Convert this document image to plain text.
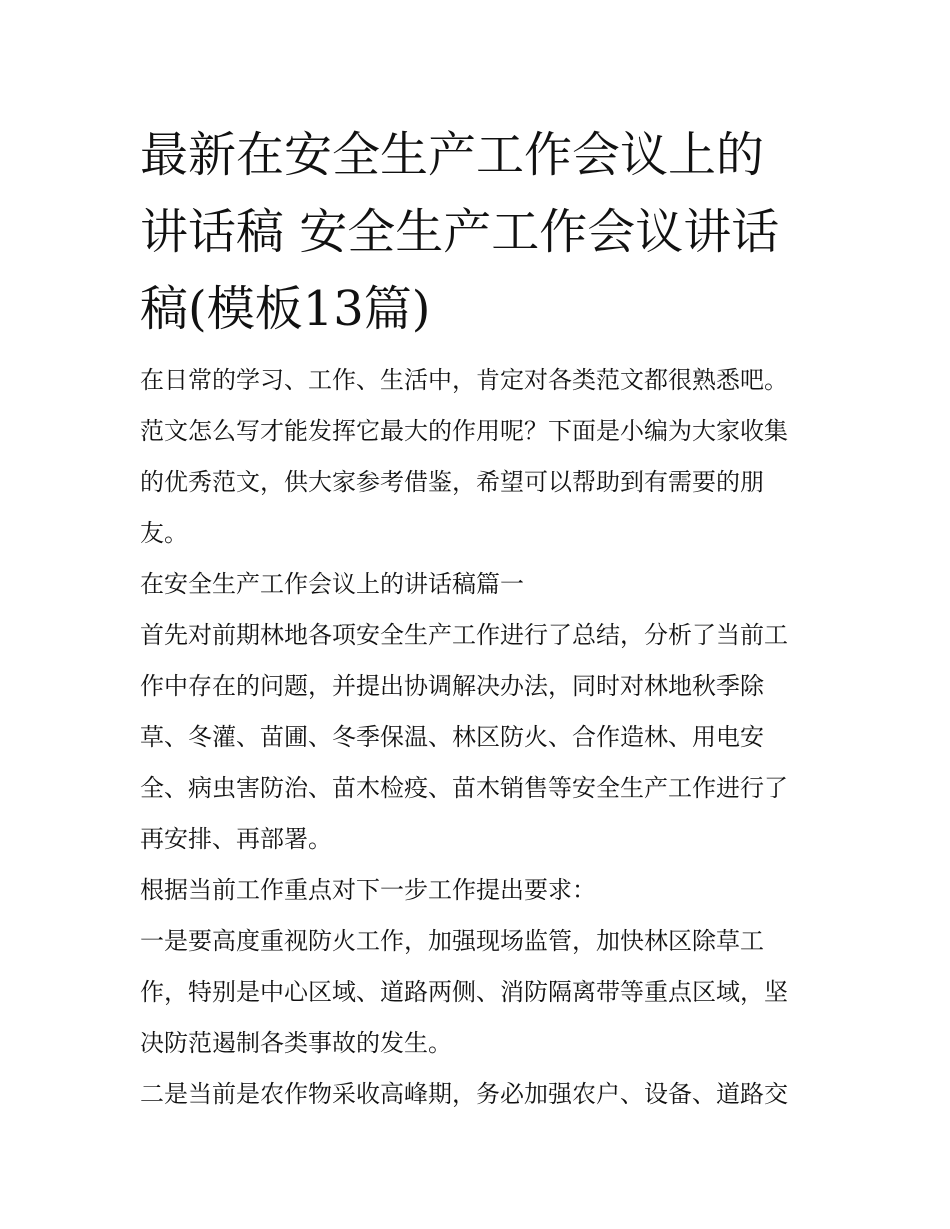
最新在安全生产工作会议上的
讲话稿 安全生产工作会议讲话
稿(模板13篇)

在日常的学习、工作、生活中，肯定对各类范文都很熟悉吧。
范文怎么写才能发挥它最大的作用呢？下面是小编为大家收集
的优秀范文，供大家参考借鉴，希望可以帮助到有需要的朋
友。

在安全生产工作会议上的讲话稿篇一

首先对前期林地各项安全生产工作进行了总结，分析了当前工
作中存在的问题，并提出协调解决办法，同时对林地秋季除
草、冬灌、苗圃、冬季保温、林区防火、合作造林、用电安
全、病虫害防治、苗木检疫、苗木销售等安全生产工作进行了
再安排、再部署。

根据当前工作重点对下一步工作提出要求：

一是要高度重视防火工作，加强现场监管，加快林区除草工
作，特别是中心区域、道路两侧、消防隔离带等重点区域，坚
决防范遏制各类事故的发生。

二是当前是农作物采收高峰期，务必加强农户、设备、道路交
